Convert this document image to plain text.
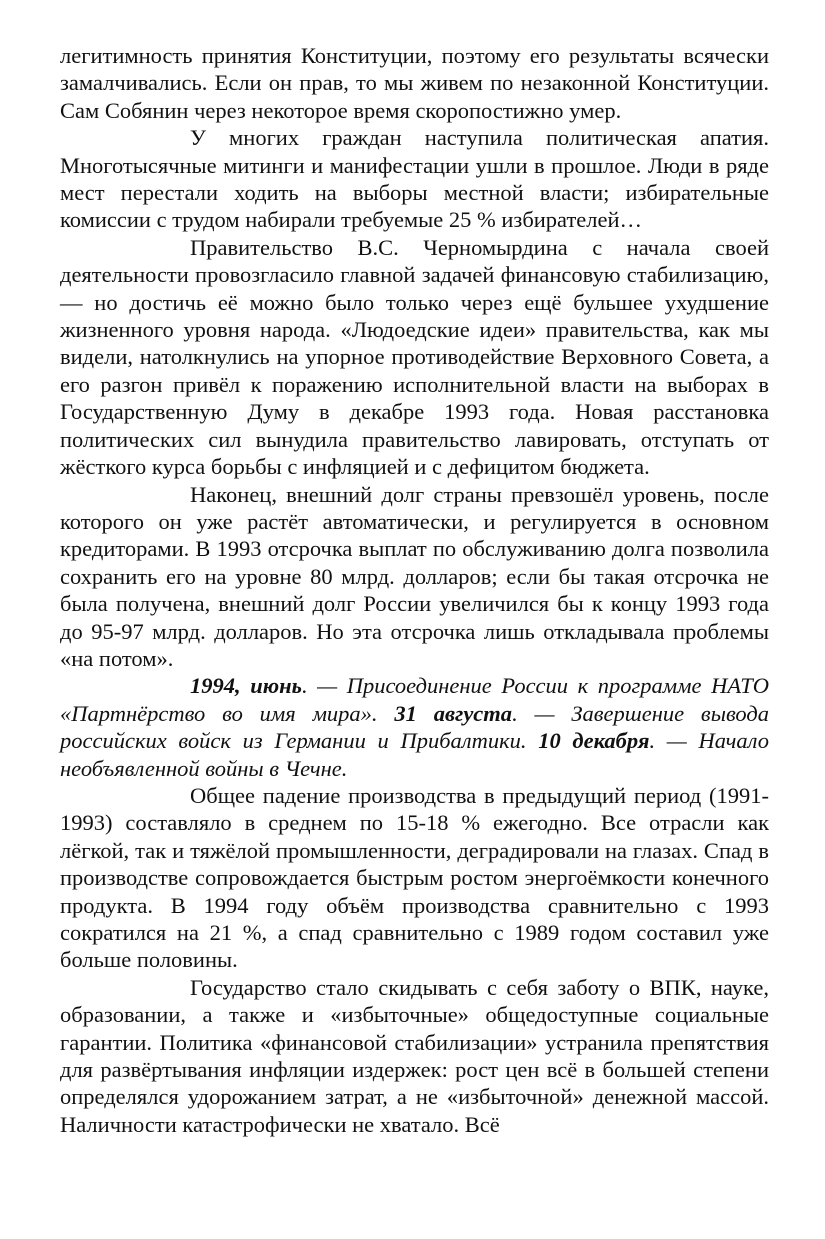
легитимность принятия Конституции, поэтому его результаты всячески замалчивались. Если он прав, то мы живем по незаконной Конституции. Сам Собянин через некоторое время скоропостижно умер.

У многих граждан наступила политическая апатия. Многотысячные митинги и манифестации ушли в прошлое. Люди в ряде мест перестали ходить на выборы местной власти; избирательные комиссии с трудом набирали требуемые 25 % избирателей…

Правительство В.С. Черномырдина с начала своей деятельности провозгласило главной задачей финансовую стабилизацию, — но достичь её можно было только через ещё бульшее ухудшение жизненного уровня народа. «Людоедские идеи» правительства, как мы видели, натолкнулись на упорное противодействие Верховного Совета, а его разгон привёл к поражению исполнительной власти на выборах в Государственную Думу в декабре 1993 года. Новая расстановка политических сил вынудила правительство лавировать, отступать от жёсткого курса борьбы с инфляцией и с дефицитом бюджета.

Наконец, внешний долг страны превзошёл уровень, после которого он уже растёт автоматически, и регулируется в основном кредиторами. В 1993 отсрочка выплат по обслуживанию долга позволила сохранить его на уровне 80 млрд. долларов; если бы такая отсрочка не была получена, внешний долг России увеличился бы к концу 1993 года до 95-97 млрд. долларов. Но эта отсрочка лишь откладывала проблемы «на потом».

1994, июнь. — Присоединение России к программе НАТО «Партнёрство во имя мира». 31 августа. — Завершение вывода российских войск из Германии и Прибалтики. 10 декабря. — Начало необъявленной войны в Чечне.

Общее падение производства в предыдущий период (1991-1993) составляло в среднем по 15-18 % ежегодно. Все отрасли как лёгкой, так и тяжёлой промышленности, деградировали на глазах. Спад в производстве сопровождается быстрым ростом энергоёмкости конечного продукта. В 1994 году объём производства сравнительно с 1993 сократился на 21 %, а спад сравнительно с 1989 годом составил уже больше половины.

Государство стало скидывать с себя заботу о ВПК, науке, образовании, а также и «избыточные» общедоступные социальные гарантии. Политика «финансовой стабилизации» устранила препятствия для развёртывания инфляции издержек: рост цен всё в большей степени определялся удорожанием затрат, а не «избыточной» денежной массой. Наличности катастрофически не хватало. Всё
